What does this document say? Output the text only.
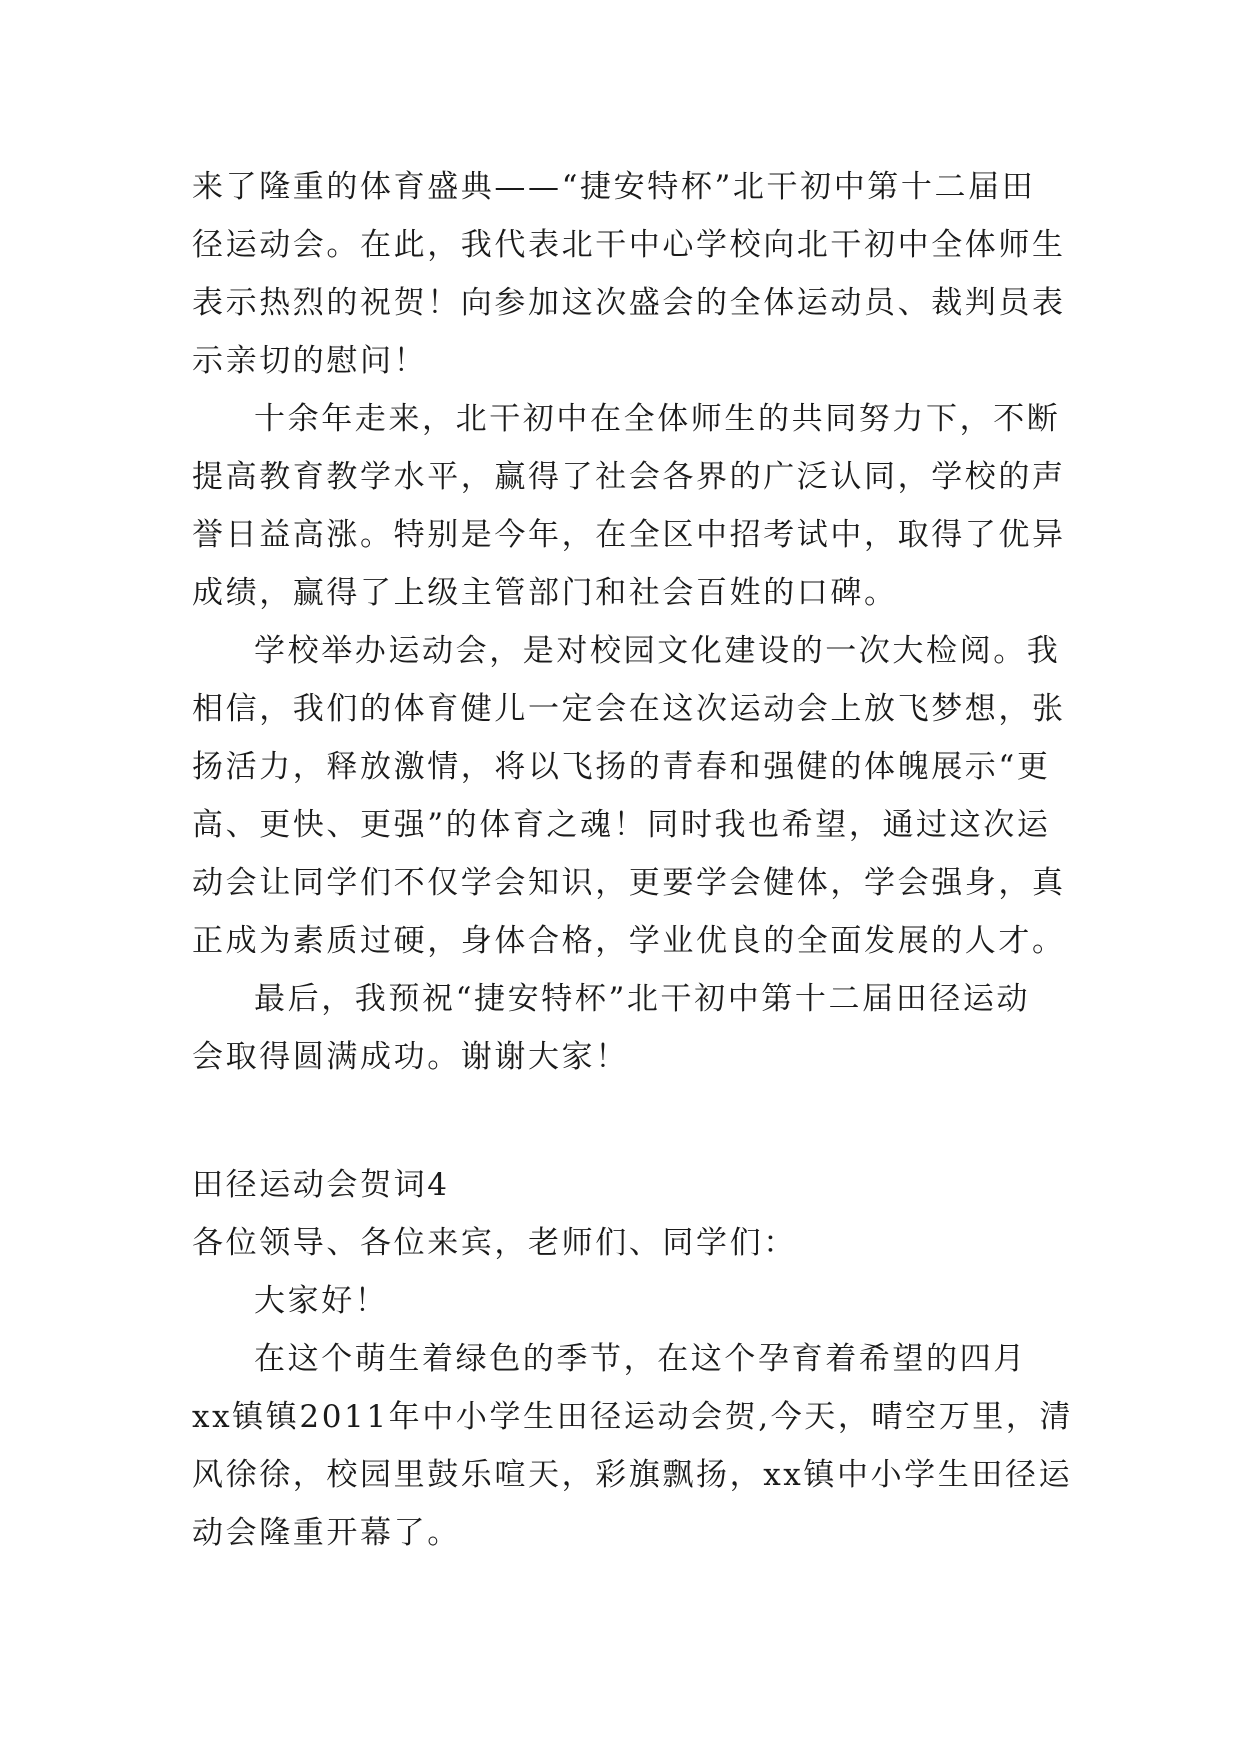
来了隆重的体育盛典——“捷安特杯”北干初中第十二届田
径运动会。在此，我代表北干中心学校向北干初中全体师生
表示热烈的祝贺！向参加这次盛会的全体运动员、裁判员表
示亲切的慰问！
十余年走来，北干初中在全体师生的共同努力下，不断
提高教育教学水平，赢得了社会各界的广泛认同，学校的声
誉日益高涨。特别是今年，在全区中招考试中，取得了优异
成绩，赢得了上级主管部门和社会百姓的口碑。
学校举办运动会，是对校园文化建设的一次大检阅。我
相信，我们的体育健儿一定会在这次运动会上放飞梦想，张
扬活力，释放激情，将以飞扬的青春和强健的体魄展示“更
高、更快、更强”的体育之魂！同时我也希望，通过这次运
动会让同学们不仅学会知识，更要学会健体，学会强身，真
正成为素质过硬，身体合格，学业优良的全面发展的人才。
最后，我预祝“捷安特杯”北干初中第十二届田径运动
会取得圆满成功。谢谢大家！
田径运动会贺词4
各位领导、各位来宾，老师们、同学们：
大家好！
在这个萌生着绿色的季节，在这个孕育着希望的四月
xx镇镇2011年中小学生田径运动会贺,今天，晴空万里，清
风徐徐，校园里鼓乐喧天，彩旗飘扬，xx镇中小学生田径运
动会隆重开幕了。
